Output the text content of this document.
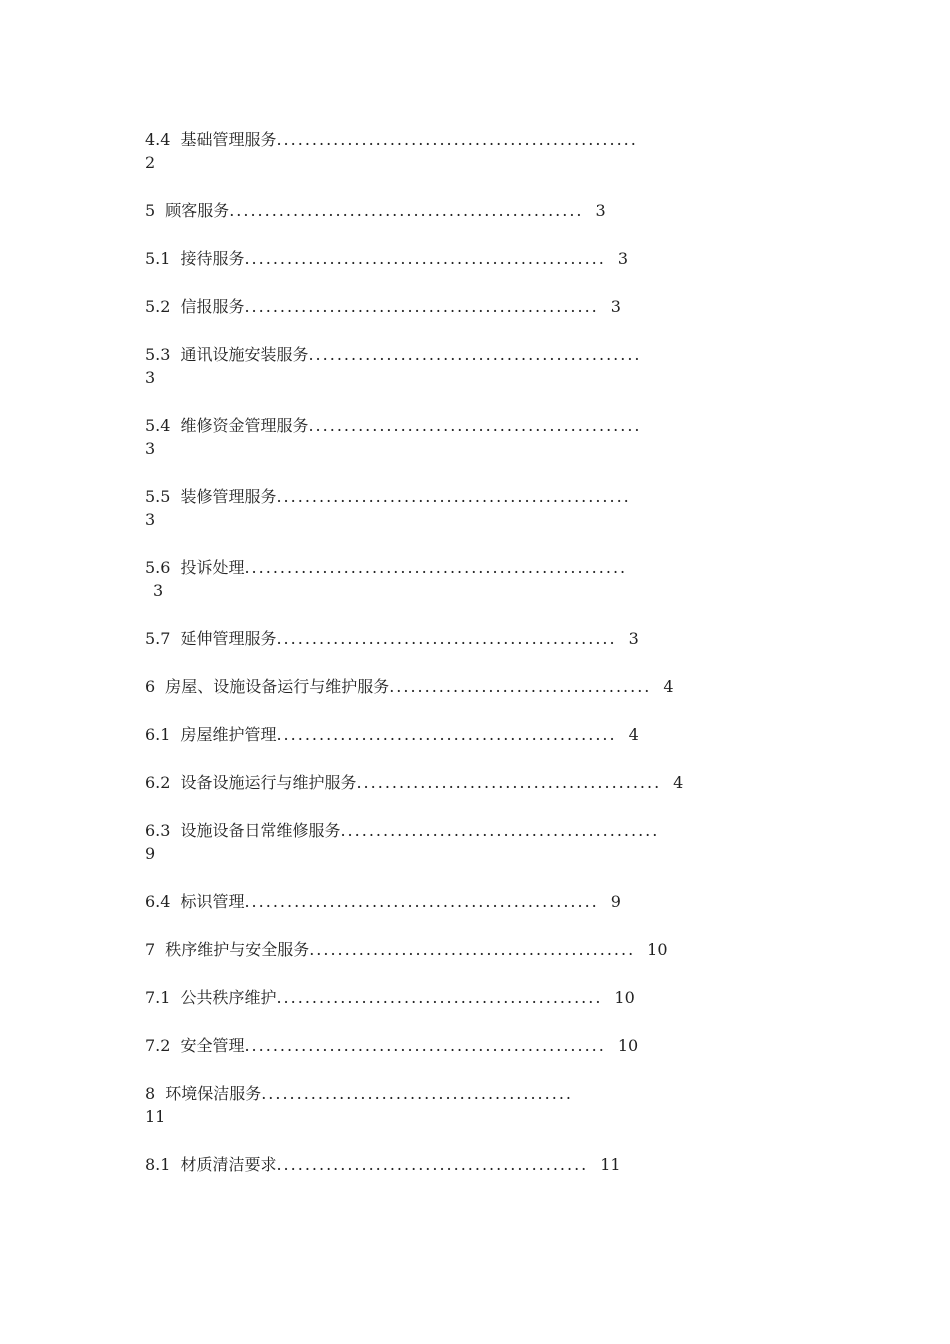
4.4 基础管理服务...................................................
2
5 顾客服务.................................................. 3
5.1 接待服务................................................... 3
5.2 信报服务.................................................. 3
5.3 通讯设施安装服务...............................................
3
5.4 维修资金管理服务...............................................
3
5.5 装修管理服务..................................................
3
5.6 投诉处理......................................................
3
5.7 延伸管理服务................................................ 3
6 房屋、设施设备运行与维护服务..................................... 4
6.1 房屋维护管理................................................ 4
6.2 设备设施运行与维护服务........................................... 4
6.3 设施设备日常维修服务.............................................
9
6.4 标识管理.................................................. 9
7 秩序维护与安全服务.............................................. 10
7.1 公共秩序维护.............................................. 10
7.2 安全管理................................................... 10
8 环境保洁服务............................................
11
8.1 材质清洁要求............................................ 11
